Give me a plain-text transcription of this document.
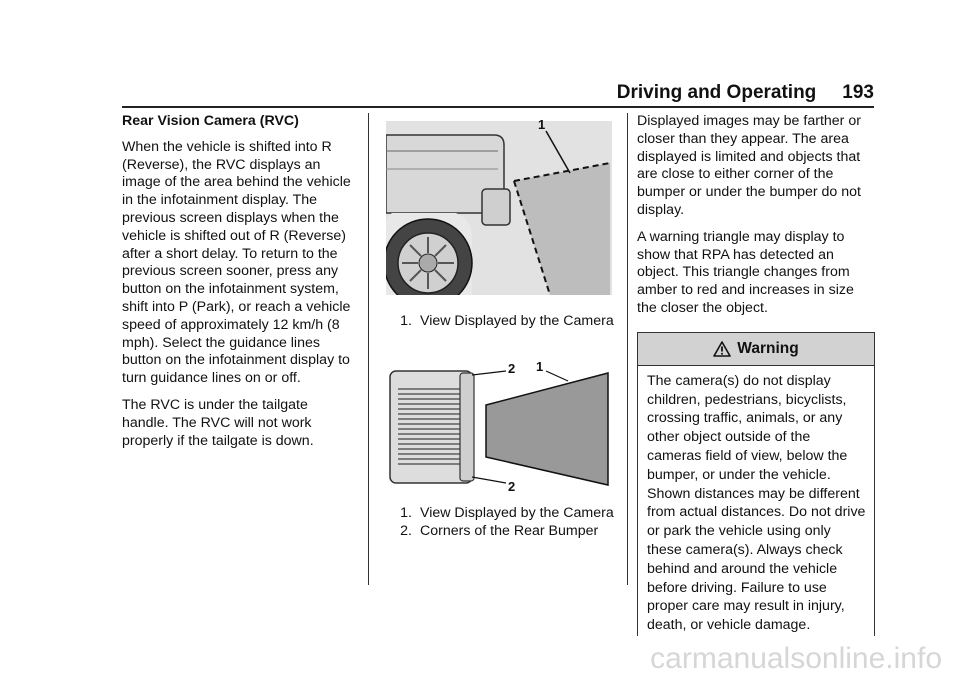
Driving and Operating 193

Rear Vision Camera (RVC)

When the vehicle is shifted into R (Reverse), the RVC displays an image of the area behind the vehicle in the infotainment display. The previous screen displays when the vehicle is shifted out of R (Reverse) after a short delay. To return to the previous screen sooner, press any button on the infotainment system, shift into P (Park), or reach a vehicle speed of approximately 12 km/h (8 mph). Select the guidance lines button on the infotainment display to turn guidance lines on or off.

The RVC is under the tailgate handle. The RVC will not work properly if the tailgate is down.

1
1. View Displayed by the Camera
2 1
2
1. View Displayed by the Camera
2. Corners of the Rear Bumper

Displayed images may be farther or closer than they appear. The area displayed is limited and objects that are close to either corner of the bumper or under the bumper do not display.

A warning triangle may display to show that RPA has detected an object. This triangle changes from amber to red and increases in size the closer the object.

Warning
The camera(s) do not display children, pedestrians, bicyclists, crossing traffic, animals, or any other object outside of the cameras field of view, below the bumper, or under the vehicle. Shown distances may be different from actual distances. Do not drive or park the vehicle using only these camera(s). Always check behind and around the vehicle before driving. Failure to use proper care may result in injury, death, or vehicle damage.
carmanualsonline.info
